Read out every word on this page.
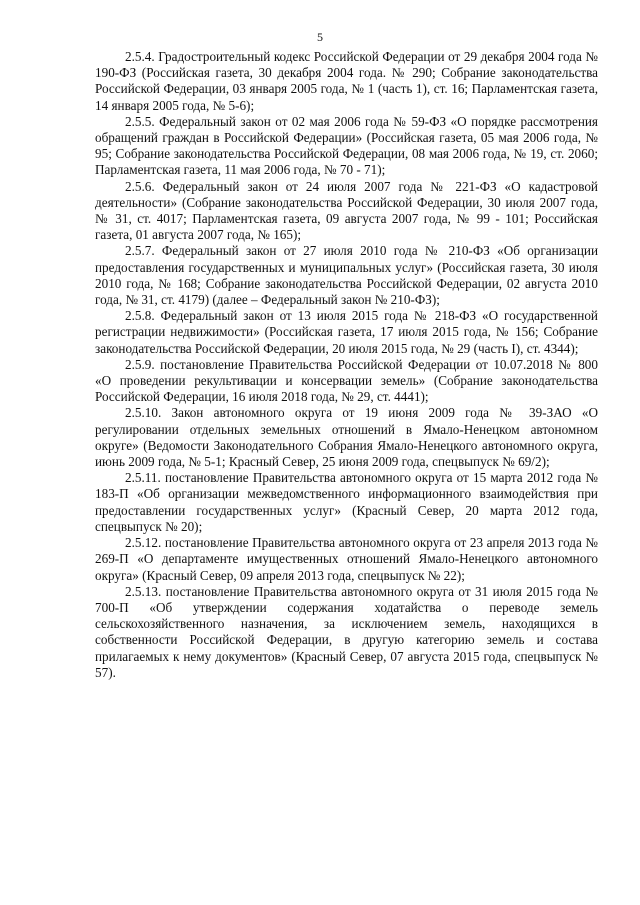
5

2.5.4. Градостроительный кодекс Российской Федерации от 29 декабря 2004 года № 190-ФЗ (Российская газета, 30 декабря 2004 года. № 290; Собрание законодательства Российской Федерации, 03 января 2005 года, № 1 (часть 1), ст. 16; Парламентская газета, 14 января 2005 года, № 5-6);

2.5.5. Федеральный закон от 02 мая 2006 года № 59-ФЗ «О порядке рассмотрения обращений граждан в Российской Федерации» (Российская газета, 05 мая 2006 года, № 95; Собрание законодательства Российской Федерации, 08 мая 2006 года, № 19, ст. 2060; Парламентская газета, 11 мая 2006 года, № 70 - 71);

2.5.6. Федеральный закон от 24 июля 2007 года № 221-ФЗ «О кадастровой деятельности» (Собрание законодательства Российской Федерации, 30 июля 2007 года, № 31, ст. 4017; Парламентская газета, 09 августа 2007 года, № 99 - 101; Российская газета, 01 августа 2007 года, № 165);

2.5.7. Федеральный закон от 27 июля 2010 года № 210-ФЗ «Об организации предоставления государственных и муниципальных услуг» (Российская газета, 30 июля 2010 года, № 168; Собрание законодательства Российской Федерации, 02 августа 2010 года, № 31, ст. 4179) (далее – Федеральный закон № 210-ФЗ);

2.5.8. Федеральный закон от 13 июля 2015 года № 218-ФЗ «О государственной регистрации недвижимости» (Российская газета, 17 июля 2015 года, № 156; Собрание законодательства Российской Федерации, 20 июля 2015 года, № 29 (часть I), ст. 4344);

2.5.9. постановление Правительства Российской Федерации от 10.07.2018 № 800 «О проведении рекультивации и консервации земель» (Собрание законодательства Российской Федерации, 16 июля 2018 года, № 29, ст. 4441);

2.5.10. Закон автономного округа от 19 июня 2009 года № 39-ЗАО «О регулировании отдельных земельных отношений в Ямало-Ненецком автономном округе» (Ведомости Законодательного Собрания Ямало-Ненецкого автономного округа, июнь 2009 года, № 5-1; Красный Север, 25 июня 2009 года, спецвыпуск № 69/2);

2.5.11. постановление Правительства автономного округа от 15 марта 2012 года № 183-П «Об организации межведомственного информационного взаимодействия при предоставлении государственных услуг» (Красный Север, 20 марта 2012 года, спецвыпуск № 20);

2.5.12. постановление Правительства автономного округа от 23 апреля 2013 года № 269-П «О департаменте имущественных отношений Ямало-Ненецкого автономного округа» (Красный Север, 09 апреля 2013 года, спецвыпуск № 22);

2.5.13. постановление Правительства автономного округа от 31 июля 2015 года № 700-П «Об утверждении содержания ходатайства о переводе земель сельскохозяйственного назначения, за исключением земель, находящихся в собственности Российской Федерации, в другую категорию земель и состава прилагаемых к нему документов» (Красный Север, 07 августа 2015 года, спецвыпуск № 57).
